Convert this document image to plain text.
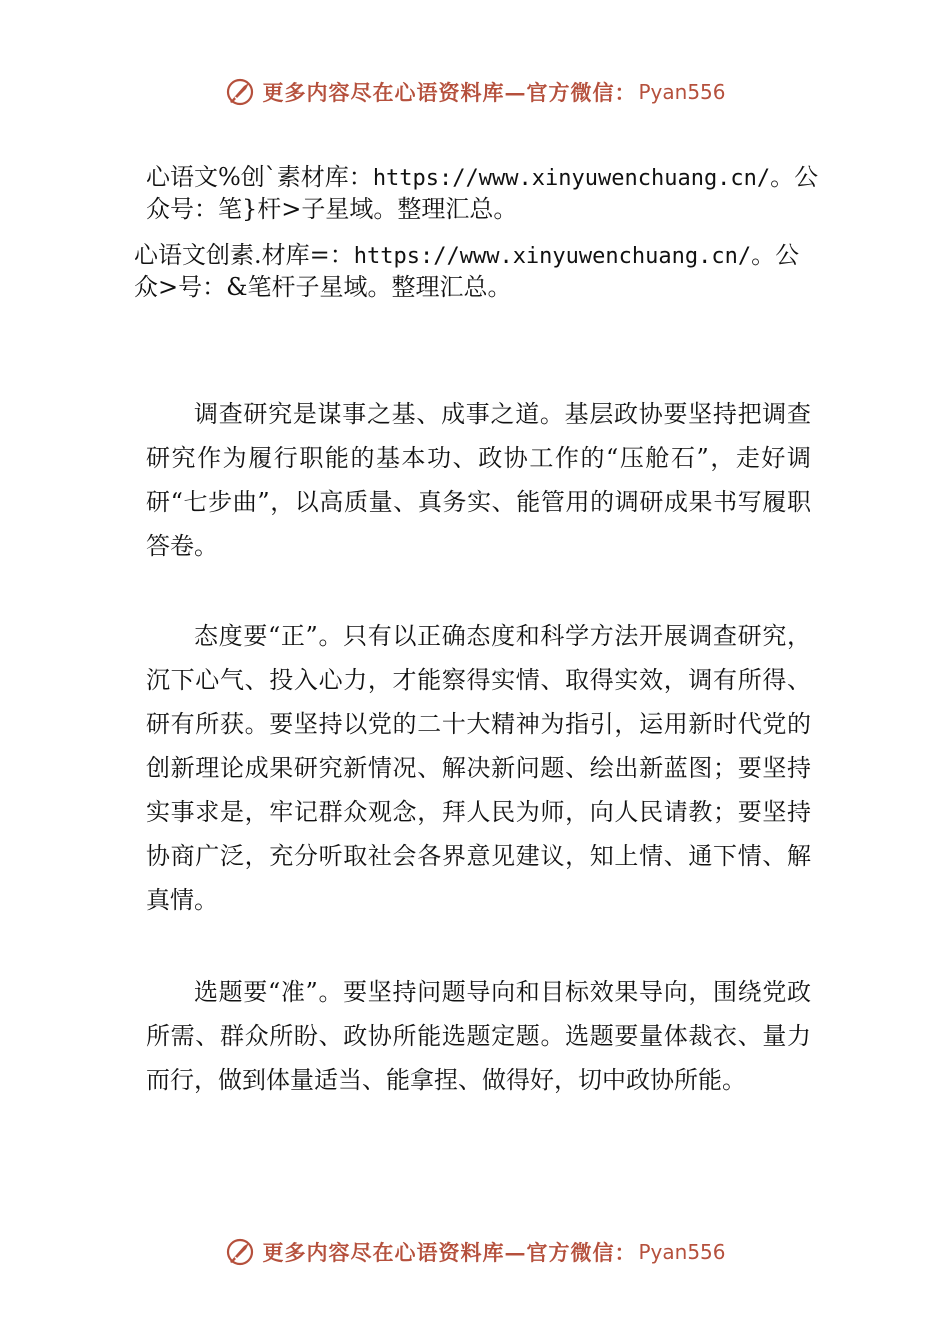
更多内容尽在心语资料库 — 官方微信： Pyan556
心语文%创`素材库：https://www.xinyuwenchuang.cn/。公
众号：笔}杆>子星域。整理汇总。
心语文创素.材库=：https://www.xinyuwenchuang.cn/。公
众>号：&笔杆子星域。整理汇总。

调查研究是谋事之基、成事之道。基层政协要坚持把调查研究作为履行职能的基本功、政协工作的“压舱石”，走好调研“七步曲”，以高质量、真务实、能管用的调研成果书写履职答卷。

态度要“正”。只有以正确态度和科学方法开展调查研究，沉下心气、投入心力，才能察得实情、取得实效，调有所得、研有所获。要坚持以党的二十大精神为指引，运用新时代党的创新理论成果研究新情况、解决新问题、绘出新蓝图；要坚持实事求是，牢记群众观念，拜人民为师，向人民请教；要坚持协商广泛，充分听取社会各界意见建议，知上情、通下情、解真情。

选题要“准”。要坚持问题导向和目标效果导向，围绕党政所需、群众所盼、政协所能选题定题。选题要量体裁衣、量力而行，做到体量适当、能拿捏、做得好，切中政协所能。

更多内容尽在心语资料库 — 官方微信： Pyan556
